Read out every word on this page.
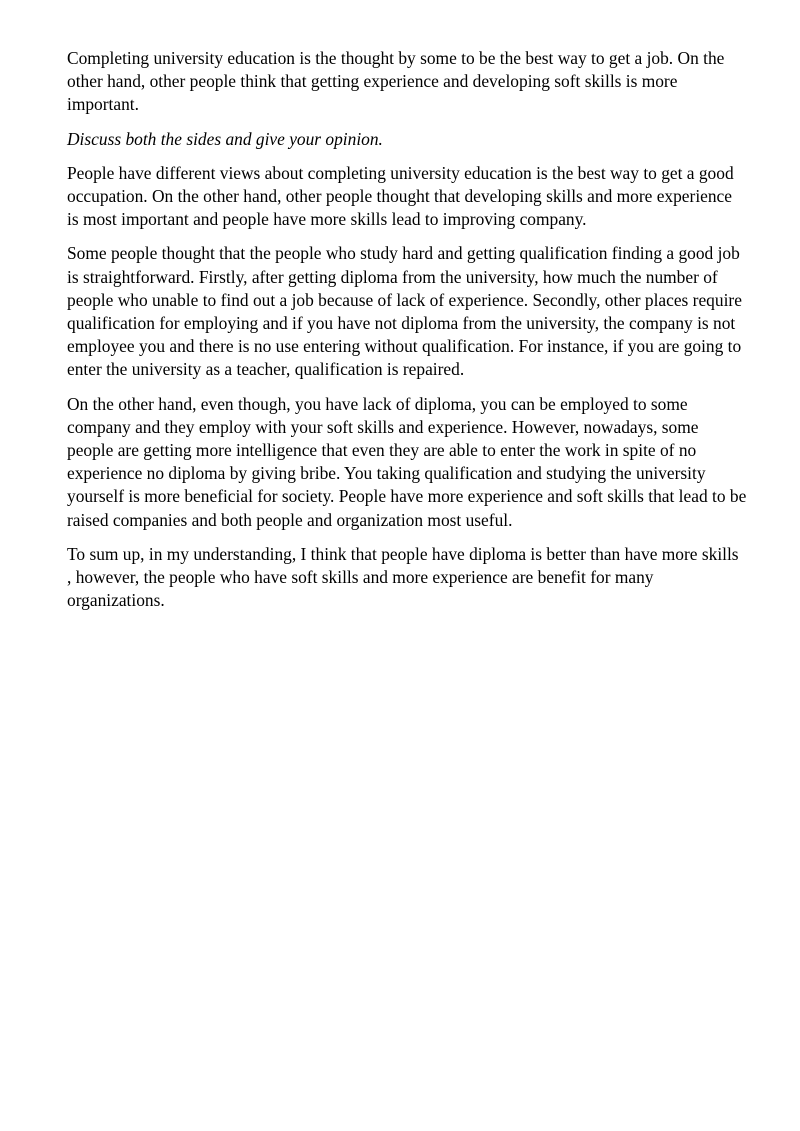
Completing university education is the thought by some to be the best way to get a job. On the other hand, other people think that getting experience and developing soft skills is more important.

Discuss both the sides and give your opinion.

People have different views about completing university education is the best way to get a good occupation. On the other hand, other people thought that developing skills and more experience is most important and people have more skills lead to improving company.

Some people thought that the people who study hard and getting qualification finding a good job is straightforward. Firstly, after getting diploma from the university, how much the number of people who unable to find out a job because of lack of experience. Secondly, other places require qualification for employing and if you have not diploma from the university, the company is not employee you and there is no use entering without qualification. For instance, if you are going to enter the university as a teacher, qualification is repaired.

On the other hand, even though, you have lack of diploma, you can be employed to some company and they employ with your soft skills and experience. However, nowadays, some people are getting more intelligence that even they are able to enter the work in spite of no experience no diploma by giving bribe. You taking qualification and studying the university yourself is more beneficial for society. People have more experience and soft skills that lead to be raised companies and both people and organization most useful.

To sum up, in my understanding, I think that people have diploma is better than have more skills , however, the people who have soft skills and more experience are benefit for many organizations.
